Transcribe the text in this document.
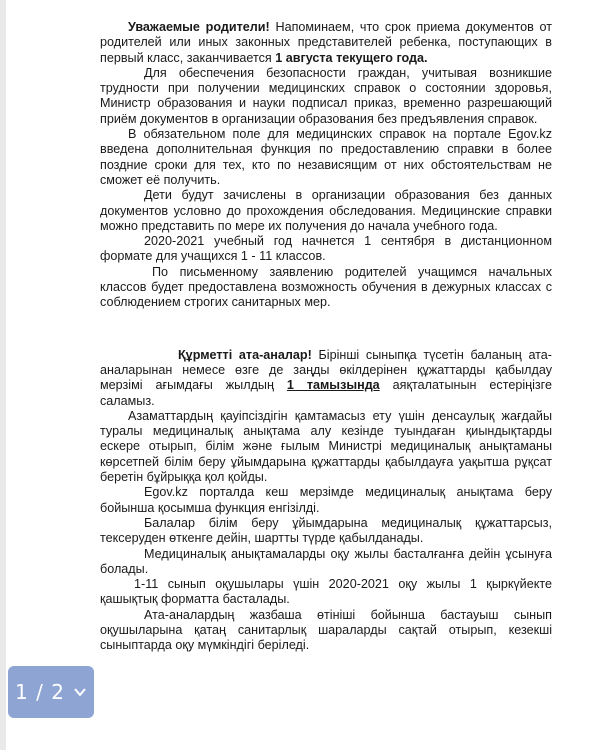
Уважаемые родители! Напоминаем, что срок приема документов от родителей или иных законных представителей ребенка, поступающих в первый класс, заканчивается 1 августа текущего года.

Для обеспечения безопасности граждан, учитывая возникшие трудности при получении медицинских справок о состоянии здоровья, Министр образования и науки подписал приказ, временно разрешающий приём документов в организации образования без предъявления справок.

В обязательном поле для медицинских справок на портале Egov.kz введена дополнительная функция по предоставлению справки в более поздние сроки для тех, кто по независящим от них обстоятельствам не сможет её получить.

Дети будут зачислены в организации образования без данных документов условно до прохождения обследования. Медицинские справки можно представить по мере их получения до начала учебного года.

2020-2021 учебный год начнется 1 сентября в дистанционном формате для учащихся 1 - 11 классов.

По письменному заявлению родителей учащимся начальных классов будет предоставлена возможность обучения в дежурных классах с соблюдением строгих санитарных мер.

Құрметті ата-аналар! Бірінші сыныпқа түсетін баланың ата-аналарынан немесе өзге де заңды өкілдерінен құжаттарды қабылдау мерзімі ағымдағы жылдың 1 тамызында аяқталатынын естеріңізге саламыз.

Азаматтардың қауіпсіздігін қамтамасыз ету үшін денсаулық жағдайы туралы медициналық анықтама алу кезінде туындаған қиындықтарды ескере отырып, білім және ғылым Министрі медициналық анықтаманы көрсетпей білім беру ұйымдарына құжаттарды қабылдауға уақытша рұқсат беретін бұйрыққа қол қойды.

Egov.kz порталда кеш мерзімде медициналық анықтама беру бойынша қосымша функция енгізілді.

Балалар білім беру ұйымдарына медициналық құжаттарсыз, тексеруден өткенге дейін, шартты түрде қабылданады.

Медициналық анықтамаларды оқу жылы басталғанға дейін ұсынуға болады.

1-11 сынып оқушылары үшін 2020-2021 оқу жылы 1 қыркүйекте қашықтық форматта басталады.

Ата-аналардың жазбаша өтініші бойынша бастауыш сынып оқушыларына қатаң санитарлық шараларды сақтай отырып, кезекші сыныптарда оқу мүмкіндігі беріледі.

1 / 2
